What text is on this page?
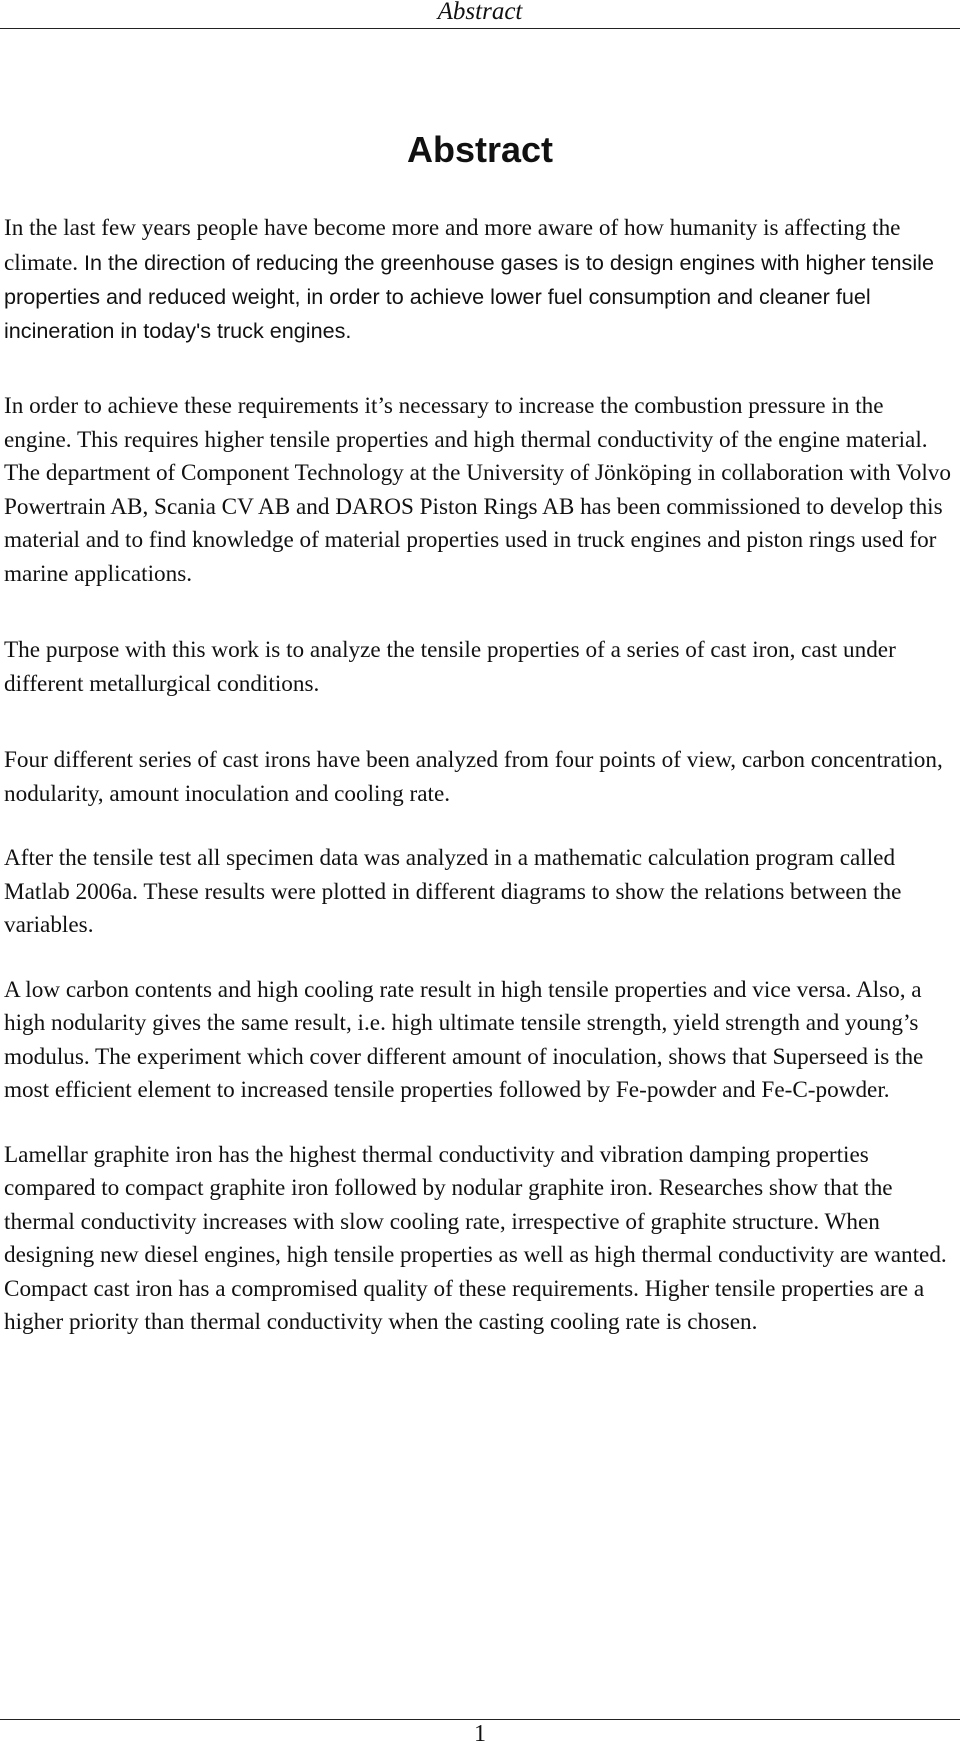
Abstract
Abstract

In the last few years people have become more and more aware of how humanity is affecting the climate. In the direction of reducing the greenhouse gases is to design engines with higher tensile properties and reduced weight, in order to achieve lower fuel consumption and cleaner fuel incineration in today's truck engines.

In order to achieve these requirements it’s necessary to increase the combustion pressure in the engine. This requires higher tensile properties and high thermal conductivity of the engine material. The department of Component Technology at the University of Jönköping in collaboration with Volvo Powertrain AB, Scania CV AB and DAROS Piston Rings AB has been commissioned to develop this material and to find knowledge of material properties used in truck engines and piston rings used for marine applications.

The purpose with this work is to analyze the tensile properties of a series of cast iron, cast under different metallurgical conditions.

Four different series of cast irons have been analyzed from four points of view, carbon concentration, nodularity, amount inoculation and cooling rate.

After the tensile test all specimen data was analyzed in a mathematic calculation program called Matlab 2006a. These results were plotted in different diagrams to show the relations between the variables.

A low carbon contents and high cooling rate result in high tensile properties and vice versa. Also, a high nodularity gives the same result, i.e. high ultimate tensile strength, yield strength and young’s modulus. The experiment which cover different amount of inoculation, shows that Superseed is the most efficient element to increased tensile properties followed by Fe-powder and Fe-C-powder.

Lamellar graphite iron has the highest thermal conductivity and vibration damping properties compared to compact graphite iron followed by nodular graphite iron. Researches show that the thermal conductivity increases with slow cooling rate, irrespective of graphite structure. When designing new diesel engines, high tensile properties as well as high thermal conductivity are wanted. Compact cast iron has a compromised quality of these requirements. Higher tensile properties are a higher priority than thermal conductivity when the casting cooling rate is chosen.

1
